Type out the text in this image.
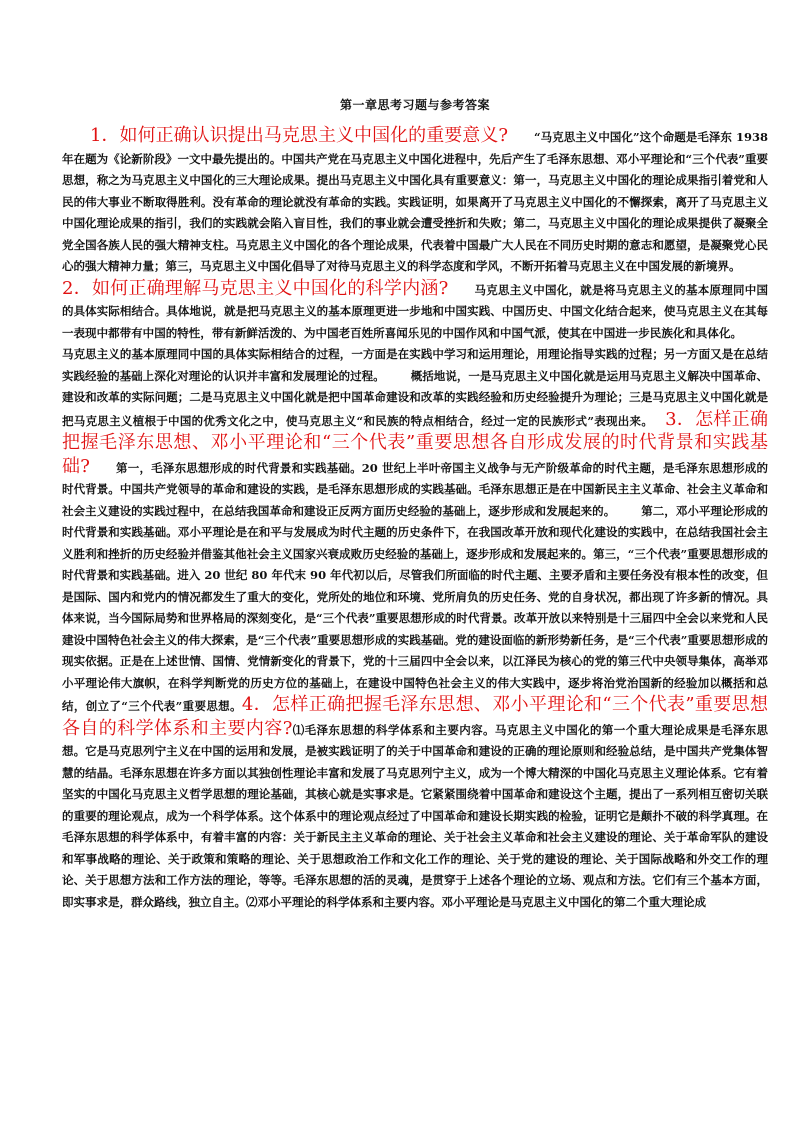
第一章思考习题与参考答案

1．如何正确认识提出马克思主义中国化的重要意义? “马克思主义中国化”这个命题是毛泽东 1938 年在题为《论新阶段》一文中最先提出的。中国共产党在马克思主义中国化进程中，先后产生了毛泽东思想、邓小平理论和“三个代表”重要思想，称之为马克思主义中国化的三大理论成果。提出马克思主义中国化具有重要意义：第一，马克思主义中国化的理论成果指引着党和人民的伟大事业不断取得胜利。没有革命的理论就没有革命的实践。实践证明，如果离开了马克思主义中国化的不懈探索，离开了马克思主义中国化理论成果的指引，我们的实践就会陷入盲目性，我们的事业就会遭受挫折和失败；第二，马克思主义中国化的理论成果提供了凝聚全党全国各族人民的强大精神支柱。马克思主义中国化的各个理论成果，代表着中国最广大人民在不同历史时期的意志和愿望，是凝聚党心民心的强大精神力量；第三，马克思主义中国化倡导了对待马克思主义的科学态度和学风，不断开拓着马克思主义在中国发展的新境界。
2．如何正确理解马克思主义中国化的科学内涵? 马克思主义中国化，就是将马克思主义的基本原理同中国的具体实际相结合。具体地说，就是把马克思主义的基本原理更进一步地和中国实践、中国历史、中国文化结合起来，使马克思主义在其每一表现中都带有中国的特性，带有新鲜活泼的、为中国老百姓所喜闻乐见的中国作风和中国气派，使其在中国进一步民族化和具体化。马克思主义的基本原理同中国的具体实际相结合的过程，一方面是在实践中学习和运用理论，用理论指导实践的过程；另一方面又是在总结实践经验的基础上深化对理论的认识并丰富和发展理论的过程。 概括地说，一是马克思主义中国化就是运用马克思主义解决中国革命、建设和改革的实际问题；二是马克思主义中国化就是把中国革命建设和改革的实践经验和历史经验提升为理论；三是马克思主义中国化就是把马克思主义植根于中国的优秀文化之中，使马克思主义“和民族的特点相结合，经过一定的民族形式”表现出来。 3．怎样正确把握毛泽东思想、邓小平理论和“三个代表”重要思想各自形成发展的时代背景和实践基础? 第一，毛泽东思想形成的时代背景和实践基础。20 世纪上半叶帝国主义战争与无产阶级革命的时代主题，是毛泽东思想形成的时代背景。中国共产党领导的革命和建设的实践，是毛泽东思想形成的实践基础。毛泽东思想正是在中国新民主主义革命、社会主义革命和社会主义建设的实践过程中，在总结我国革命和建设正反两方面历史经验的基础上，逐步形成和发展起来的。 第二，邓小平理论形成的时代背景和实践基础。邓小平理论是在和平与发展成为时代主题的历史条件下，在我国改革开放和现代化建设的实践中，在总结我国社会主义胜利和挫折的历史经验并借鉴其他社会主义国家兴衰成败历史经验的基础上，逐步形成和发展起来的。第三，“三个代表”重要思想形成的时代背景和实践基础。进入 20 世纪 80 年代末 90 年代初以后，尽管我们所面临的时代主题、主要矛盾和主要任务没有根本性的改变，但是国际、国内和党内的情况都发生了重大的变化，党所处的地位和环境、党所肩负的历史任务、党的自身状况，都出现了许多新的情况。具体来说，当今国际局势和世界格局的深刻变化，是“三个代表”重要思想形成的时代背景。改革开放以来特别是十三届四中全会以来党和人民建设中国特色社会主义的伟大探索，是“三个代表”重要思想形成的实践基础。党的建设面临的新形势新任务，是“三个代表”重要思想形成的现实依据。正是在上述世情、国情、党情新变化的背景下，党的十三届四中全会以来，以江泽民为核心的党的第三代中央领导集体，高举邓小平理论伟大旗帜，在科学判断党的历史方位的基础上，在建设中国特色社会主义的伟大实践中，逐步将治党治国新的经验加以概括和总结，创立了“三个代表”重要思想。4．怎样正确把握毛泽东思想、邓小平理论和“三个代表”重要思想各自的科学体系和主要内容?⑴毛泽东思想的科学体系和主要内容。马克思主义中国化的第一个重大理论成果是毛泽东思想。它是马克思列宁主义在中国的运用和发展，是被实践证明了的关于中国革命和建设的正确的理论原则和经验总结，是中国共产党集体智慧的结晶。毛泽东思想在许多方面以其独创性理论丰富和发展了马克思列宁主义，成为一个博大精深的中国化马克思主义理论体系。它有着坚实的中国化马克思主义哲学思想的理论基础，其核心就是实事求是。它紧紧围绕着中国革命和建设这个主题，提出了一系列相互密切关联的重要的理论观点，成为一个科学体系。这个体系中的理论观点经过了中国革命和建设长期实践的检验，证明它是颠扑不破的科学真理。在毛泽东思想的科学体系中，有着丰富的内容：关于新民主主义革命的理论、关于社会主义革命和社会主义建设的理论、关于革命军队的建设和军事战略的理论、关于政策和策略的理论、关于思想政治工作和文化工作的理论、关于党的建设的理论、关于国际战略和外交工作的理论、关于思想方法和工作方法的理论，等等。毛泽东思想的活的灵魂，是贯穿于上述各个理论的立场、观点和方法。它们有三个基本方面，即实事求是，群众路线，独立自主。⑵邓小平理论的科学体系和主要内容。邓小平理论是马克思主义中国化的第二个重大理论成
